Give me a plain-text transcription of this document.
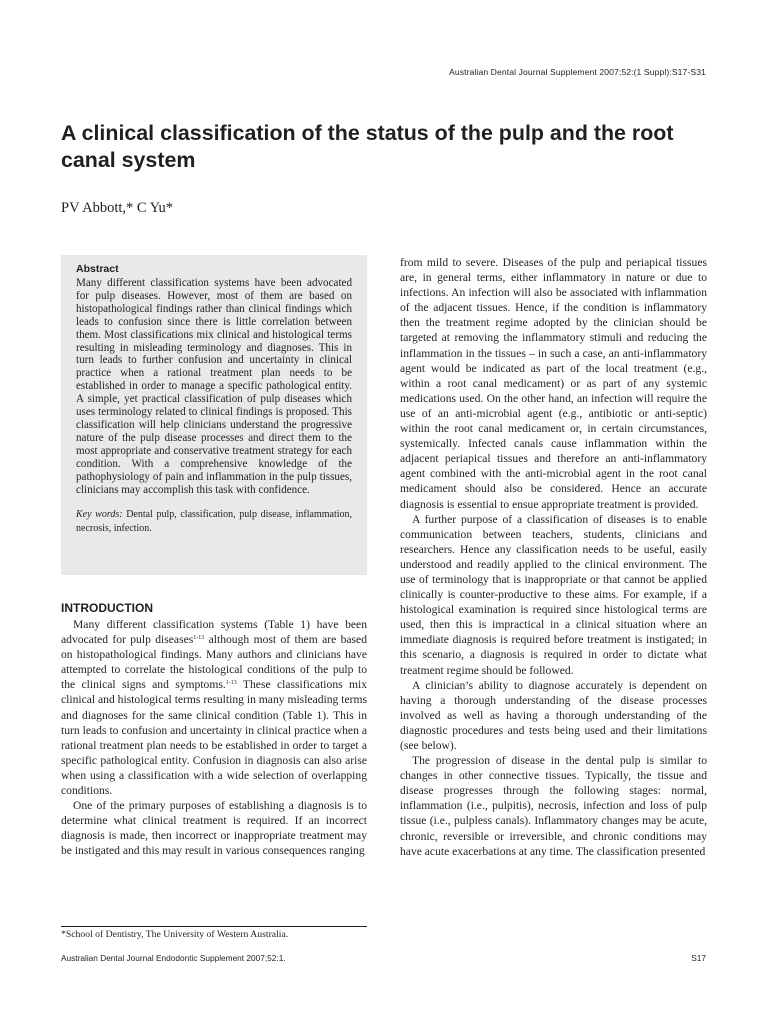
Australian Dental Journal Supplement 2007;52:(1 Suppl):S17-S31
A clinical classification of the status of the pulp and the root canal system
PV Abbott,* C Yu*

Abstract

Many different classification systems have been advocated for pulp diseases. However, most of them are based on histopathological findings rather than clinical findings which leads to confusion since there is little correlation between them. Most classifications mix clinical and histological terms resulting in misleading terminology and diagnoses. This in turn leads to further confusion and uncertainty in clinical practice when a rational treatment plan needs to be established in order to manage a specific pathological entity. A simple, yet practical classification of pulp diseases which uses terminology related to clinical findings is proposed. This classification will help clinicians understand the progressive nature of the pulp disease processes and direct them to the most appropriate and conservative treatment strategy for each condition. With a comprehensive knowledge of the pathophysiology of pain and inflammation in the pulp tissues, clinicians may accomplish this task with confidence.

Key words: Dental pulp, classification, pulp disease, inflammation, necrosis, infection.

INTRODUCTION

Many different classification systems (Table 1) have been advocated for pulp diseases$^{1-13}$ although most of them are based on histopathological findings. Many authors and clinicians have attempted to correlate the histological conditions of the pulp to the clinical signs and symptoms.$^{1-13}$ These classifications mix clinical and histological terms resulting in many misleading terms and diagnoses for the same clinical condition (Table 1). This in turn leads to confusion and uncertainty in clinical practice when a rational treatment plan needs to be established in order to target a specific pathological entity. Confusion in diagnosis can also arise when using a classification with a wide selection of overlapping conditions.

One of the primary purposes of establishing a diagnosis is to determine what clinical treatment is required. If an incorrect diagnosis is made, then incorrect or inappropriate treatment may be instigated and this may result in various consequences ranging

from mild to severe. Diseases of the pulp and periapical tissues are, in general terms, either inflammatory in nature or due to infections. An infection will also be associated with inflammation of the adjacent tissues. Hence, if the condition is inflammatory then the treatment regime adopted by the clinician should be targeted at removing the inflammatory stimuli and reducing the inflammation in the tissues – in such a case, an anti-inflammatory agent would be indicated as part of the local treatment (e.g., within a root canal medicament) or as part of any systemic medications used. On the other hand, an infection will require the use of an anti-microbial agent (e.g., antibiotic or anti-septic) within the root canal medicament or, in certain circumstances, systemically. Infected canals cause inflammation within the adjacent periapical tissues and therefore an anti-inflammatory agent combined with the anti-microbial agent in the root canal medicament should also be considered. Hence an accurate diagnosis is essential to ensue appropriate treatment is provided.

A further purpose of a classification of diseases is to enable communication between teachers, students, clinicians and researchers. Hence any classification needs to be useful, easily understood and readily applied to the clinical environment. The use of terminology that is inappropriate or that cannot be applied clinically is counter-productive to these aims. For example, if a histological examination is required since histological terms are used, then this is impractical in a clinical situation where an immediate diagnosis is required before treatment is instigated; in this scenario, a diagnosis is required in order to dictate what treatment regime should be followed.

A clinician’s ability to diagnose accurately is dependent on having a thorough understanding of the disease processes involved as well as having a thorough understanding of the diagnostic procedures and tests being used and their limitations (see below).

The progression of disease in the dental pulp is similar to changes in other connective tissues. Typically, the tissue and disease progresses through the following stages: normal, inflammation (i.e., pulpitis), necrosis, infection and loss of pulp tissue (i.e., pulpless canals). Inflammatory changes may be acute, chronic, reversible or irreversible, and chronic conditions may have acute exacerbations at any time. The classification presented

*School of Dentistry, The University of Western Australia.
Australian Dental Journal Endodontic Supplement 2007;52:1.	S17
